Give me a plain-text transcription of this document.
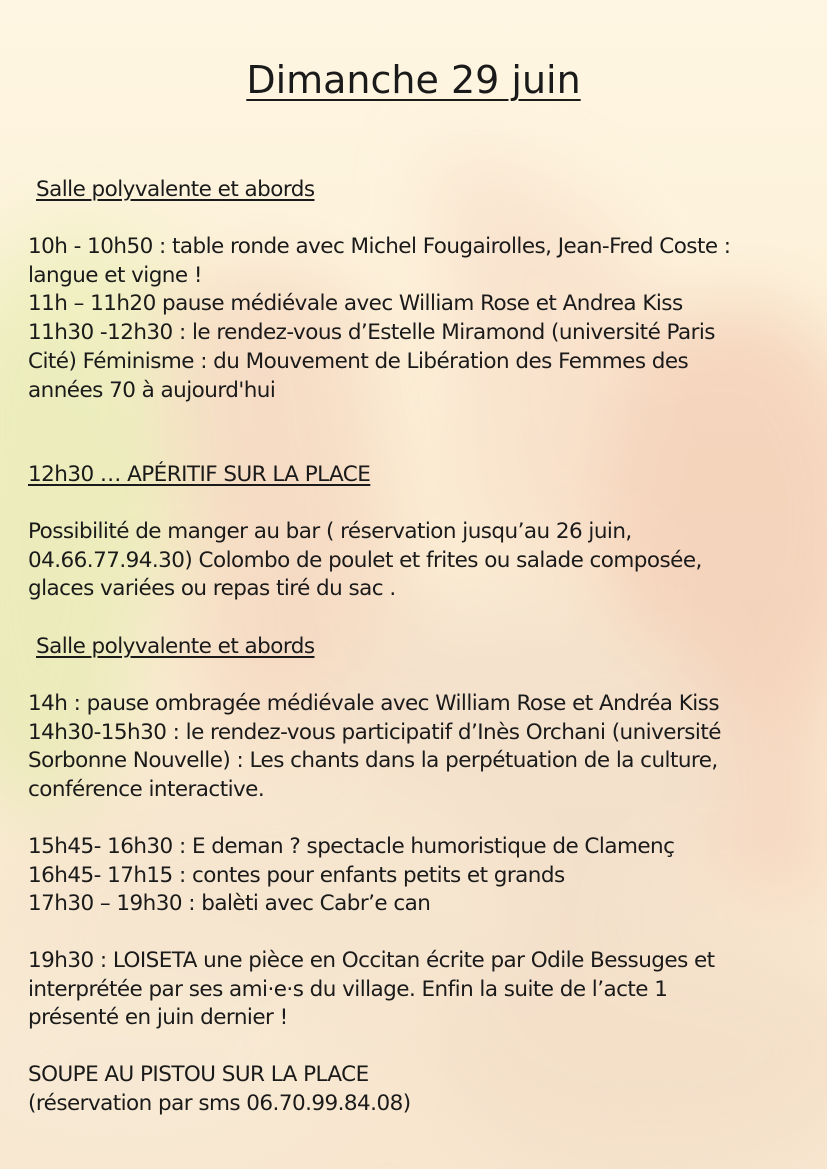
Dimanche 29 juin
Salle polyvalente et abords
10h - 10h50 : table ronde avec Michel Fougairolles, Jean-Fred Coste :
langue et vigne !
11h – 11h20 pause médiévale avec William Rose et Andrea Kiss
11h30 -12h30 : le rendez-vous d’Estelle Miramond (université Paris
Cité) Féminisme : du Mouvement de Libération des Femmes des
années 70 à aujourd'hui
12h30 … APÉRITIF SUR LA PLACE
Possibilité de manger au bar ( réservation jusqu’au 26 juin,
04.66.77.94.30) Colombo de poulet et frites ou salade composée,
glaces variées ou repas tiré du sac .
Salle polyvalente et abords
14h : pause ombragée médiévale avec William Rose et Andréa Kiss
14h30-15h30 : le rendez-vous participatif d’Inès Orchani (université
Sorbonne Nouvelle) : Les chants dans la perpétuation de la culture,
conférence interactive.
15h45- 16h30 : E deman ? spectacle humoristique de Clamenç
16h45- 17h15 : contes pour enfants petits et grands
17h30 – 19h30 : balèti avec Cabr’e can
19h30 : LOISETA une pièce en Occitan écrite par Odile Bessuges et
interprétée par ses ami·e·s du village. Enfin la suite de l’acte 1
présenté en juin dernier !
SOUPE AU PISTOU SUR LA PLACE
(réservation par sms 06.70.99.84.08)
